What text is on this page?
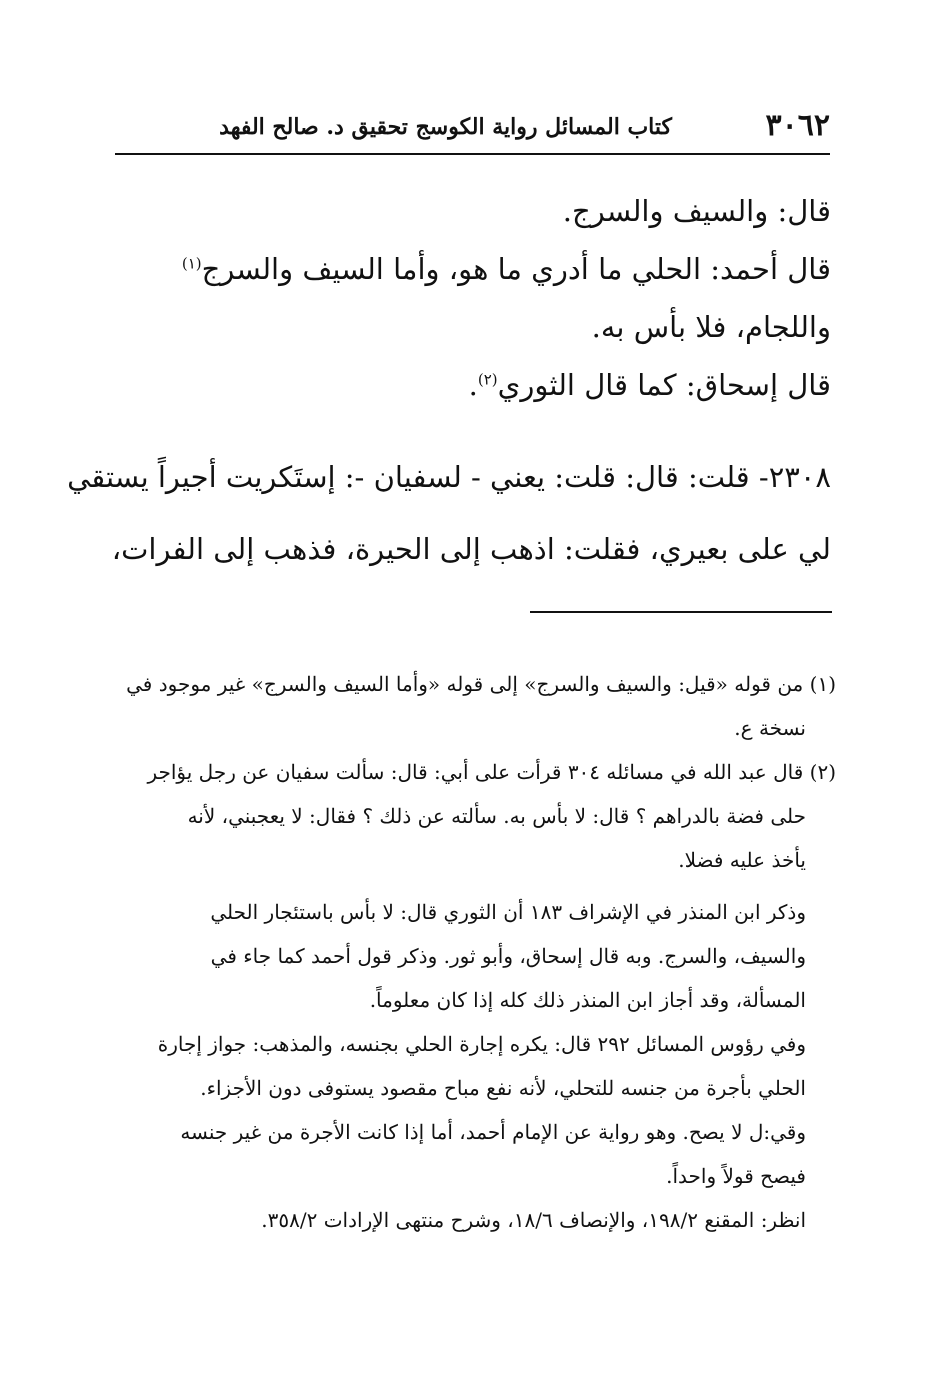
٣٠٦٢
كتاب المسائل رواية الكوسج تحقيق د. صالح الفهد
قال: والسيف والسرج.
قال أحمد: الحلي ما أدري ما هو، وأما السيف والسرج$^{(١)}$
واللجام، فلا بأس به.
قال إسحاق: كما قال الثوري$^{(٢)}$.
٢٣٠٨- قلت: قال: قلت: يعني - لسفيان -: إستَكريت أجيراً يستقي
لي على بعيري، فقلت: اذهب إلى الحيرة، فذهب إلى الفرات،
(١) من قوله «قيل: والسيف والسرج» إلى قوله «وأما السيف والسرج» غير موجود في
نسخة ع.
(٢) قال عبد الله في مسائله ٣٠٤ قرأت على أبي: قال: سألت سفيان عن رجل يؤاجر
حلى فضة بالدراهم ؟ قال: لا بأس به. سألته عن ذلك ؟ فقال: لا يعجبني، لأنه
يأخذ عليه فضلا.
وذكر ابن المنذر في الإشراف ١٨٣ أن الثوري قال: لا بأس باستئجار الحلي
والسيف، والسرج. وبه قال إسحاق، وأبو ثور. وذكر قول أحمد كما جاء في
المسألة، وقد أجاز ابن المنذر ذلك كله إذا كان معلوماً.
وفي رؤوس المسائل ٢٩٢ قال: يكره إجارة الحلي بجنسه، والمذهب: جواز إجارة
الحلي بأجرة من جنسه للتحلي، لأنه نفع مباح مقصود يستوفى دون الأجزاء.
وقي:ل لا يصح. وهو رواية عن الإمام أحمد، أما إذا كانت الأجرة من غير جنسه
فيصح قولاً واحداً.
انظر: المقنع ١٩٨/٢، والإنصاف ١٨/٦، وشرح منتهى الإرادات ٣٥٨/٢.
